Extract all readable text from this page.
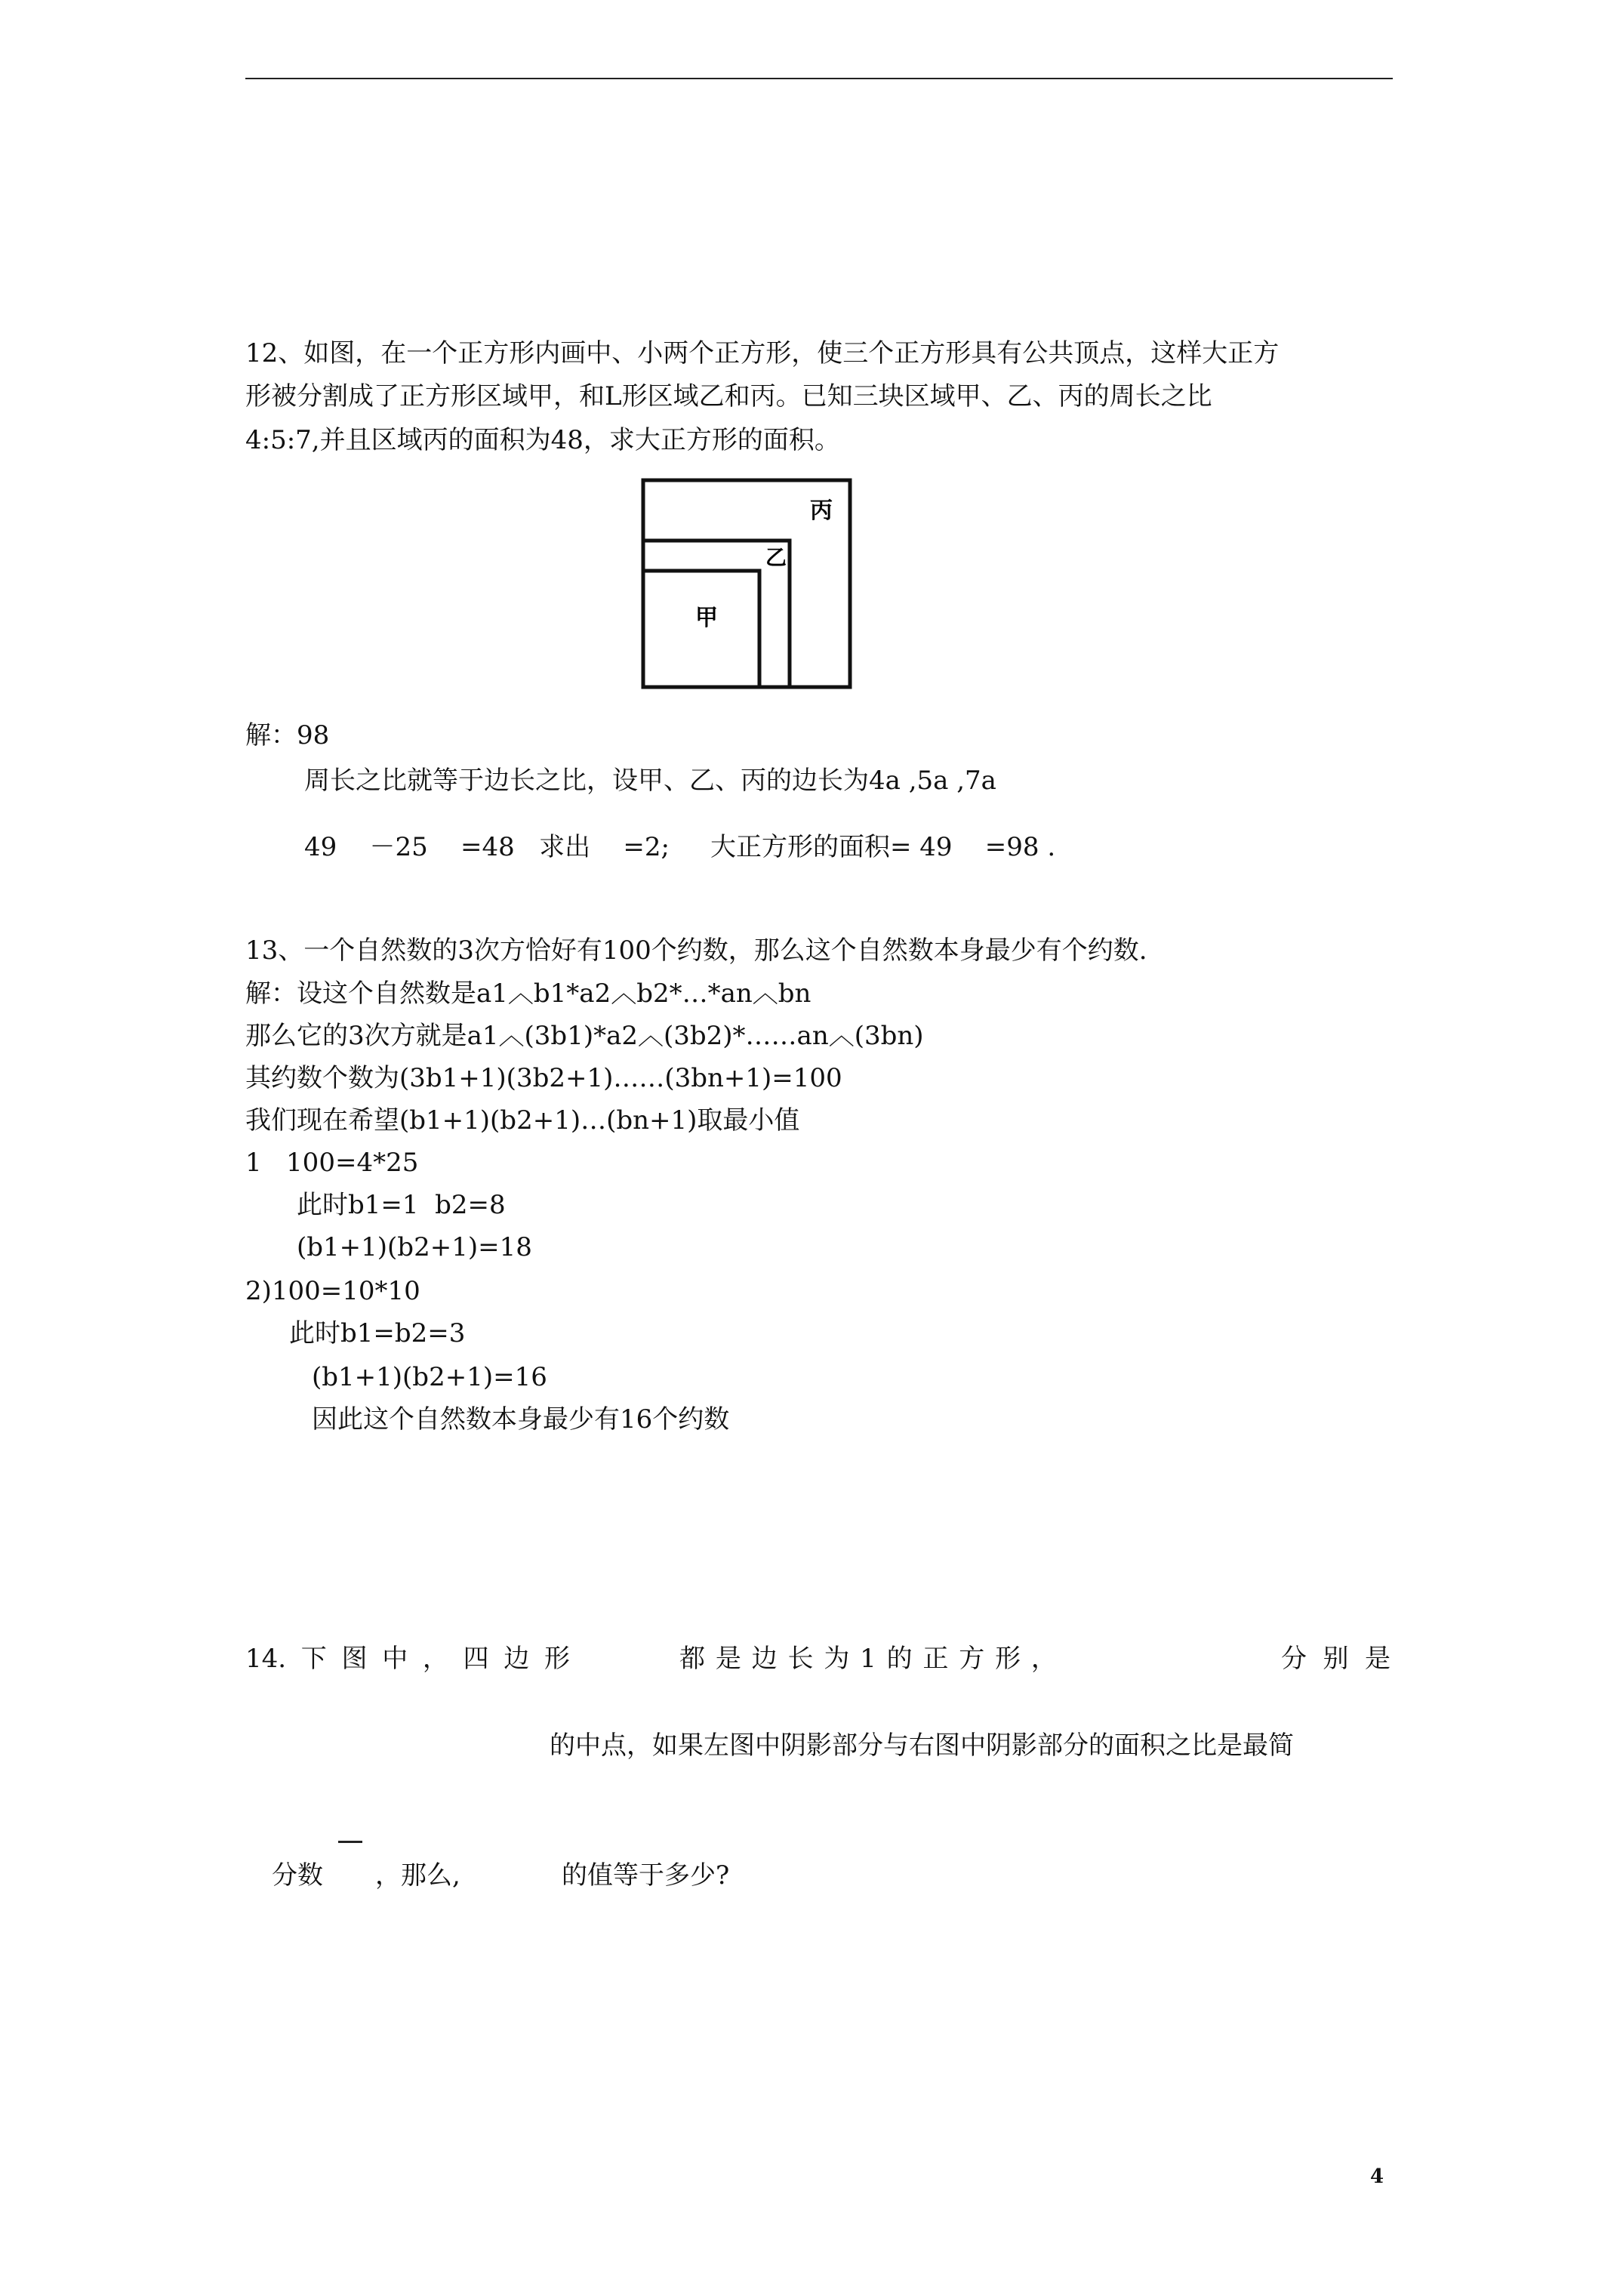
12、如图，在一个正方形内画中、小两个正方形，使三个正方形具有公共顶点，这样大正方
形被分割成了正方形区域甲，和L形区域乙和丙。已知三块区域甲、乙、丙的周长之比
4:5:7,并且区域丙的面积为48，求大正方形的面积。
丙
乙
甲
解：98
周长之比就等于边长之比，设甲、乙、丙的边长为4a ,5a ,7a
49    －25    =48   求出    =2;     大正方形的面积= 49    =98 .
13、一个自然数的3次方恰好有100个约数，那么这个自然数本身最少有个约数.
解：设这个自然数是a1︿b1*a2︿b2*…*an︿bn
那么它的3次方就是a1︿(3b1)*a2︿(3b2)*……an︿(3bn)
其约数个数为(3b1+1)(3b2+1)……(3bn+1)=100
我们现在希望(b1+1)(b2+1)…(bn+1)取最小值
1   100=4*25
此时b1=1  b2=8
(b1+1)(b2+1)=18
2)100=10*10
此时b1=b2=3
(b1+1)(b2+1)=16
因此这个自然数本身最少有16个约数
14. 下 图 中 ， 四 边 形	都 是 边 长 为 1 的 正 方 形 ，	分 别 是
的中点，如果左图中阴影部分与右图中阴影部分的面积之比是最简
分数 ，那么,	的值等于多少?
4
